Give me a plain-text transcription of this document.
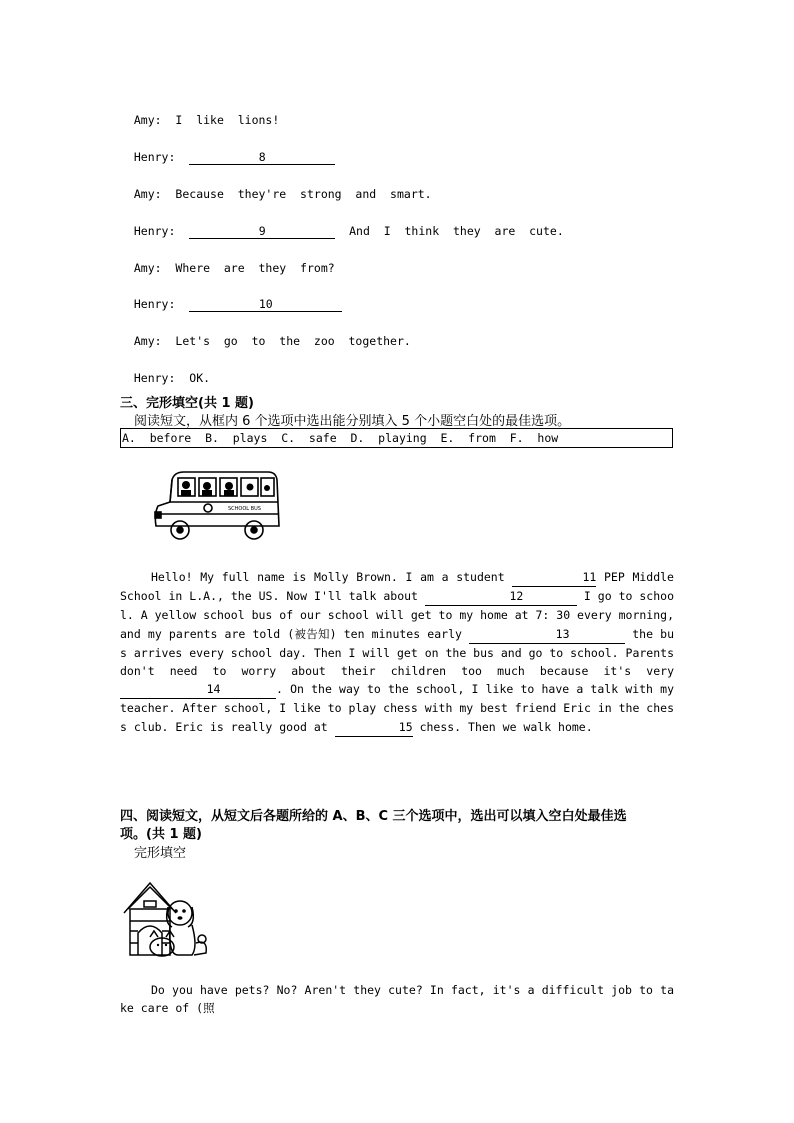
Amy: I  like  lions!

Henry:	8

Amy: Because  they're  strong  and  smart.

Henry:	9	And  I  think  they  are  cute.

Amy: Where  are  they  from?

Henry:	10

Amy: Let's  go  to  the  zoo  together.

Henry: OK.

三、完形填空(共 1 题)
阅读短文，从框内 6 个选项中选出能分别填入 5 个小题空白处的最佳选项。
A.  before  B.  plays  C.  safe  D.  playing  E.  from  F.  how
SCHOOL BUS
Hello! My full name is Molly Brown. I am a student	11 PEP Middle School in L.A., the US. Now I'll talk about	12	I go to school. A yellow school bus of our school will get to my home at 7: 30 every morning, and my parents are told (被告知) ten minutes early	13	the bus arrives every school day. Then I will get on the bus and go to school. Parents don't need to worry about their children too much because it's very 14	. On the way to the school, I like to have a talk with my teacher. After school, I like to play chess with my best friend Eric in the chess club. Eric is really good at	15 chess. Then we walk home.
四、阅读短文，从短文后各题所给的 A、B、C 三个选项中，选出可以填入空白处最佳选
项。(共 1 题)
完形填空
Do you have pets? No? Aren't they cute? In fact, it's a difficult job to take care of (照
